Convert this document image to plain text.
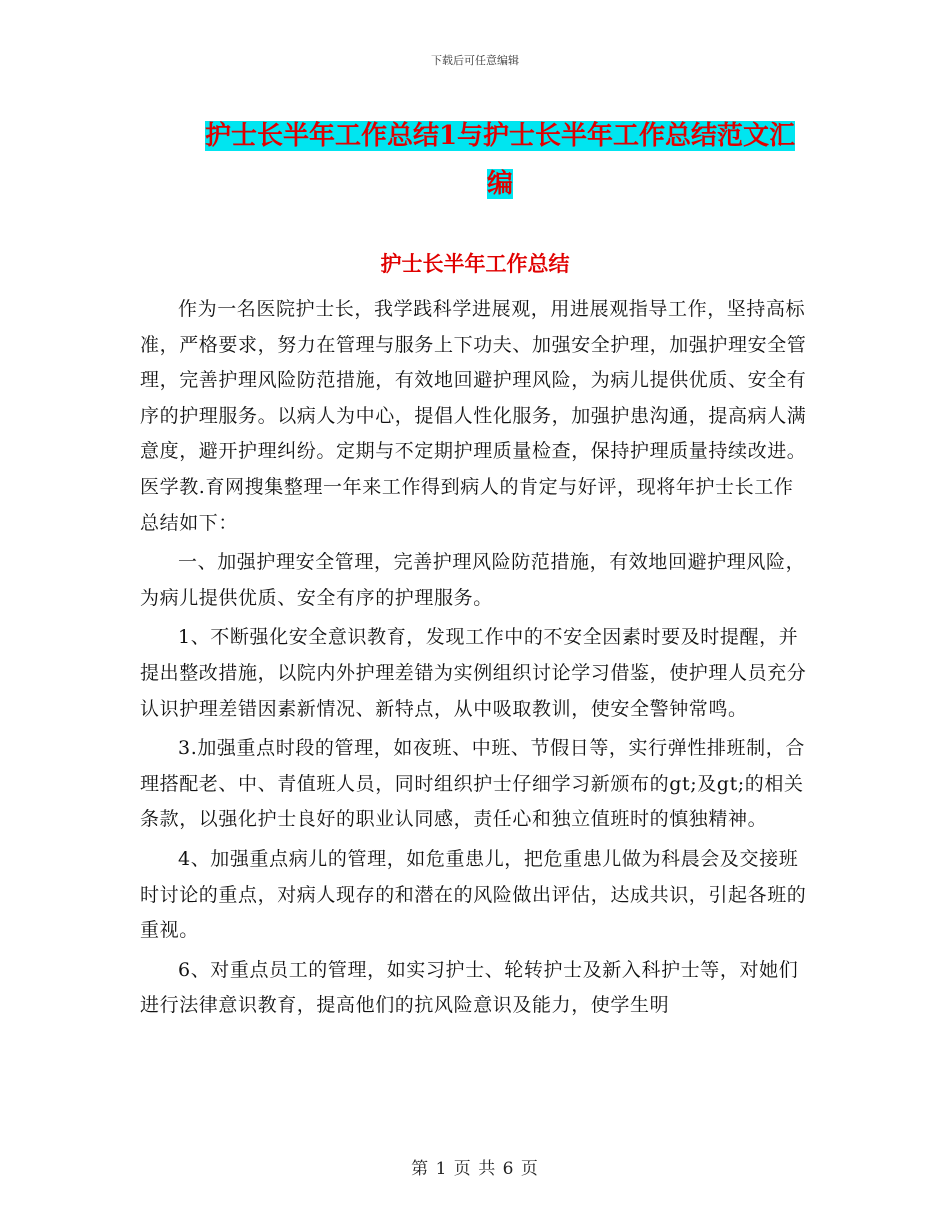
下载后可任意编辑
护士长半年工作总结1与护士长半年工作总结范文汇编
护士长半年工作总结

作为一名医院护士长，我学践科学进展观，用进展观指导工作，坚持高标准，严格要求，努力在管理与服务上下功夫、加强安全护理，加强护理安全管理，完善护理风险防范措施，有效地回避护理风险，为病儿提供优质、安全有序的护理服务。以病人为中心，提倡人性化服务，加强护患沟通，提高病人满意度，避开护理纠纷。定期与不定期护理质量检查，保持护理质量持续改进。医学教.育网搜集整理一年来工作得到病人的肯定与好评，现将年护士长工作总结如下：

一、加强护理安全管理，完善护理风险防范措施，有效地回避护理风险，为病儿提供优质、安全有序的护理服务。

1、不断强化安全意识教育，发现工作中的不安全因素时要及时提醒，并提出整改措施，以院内外护理差错为实例组织讨论学习借鉴，使护理人员充分认识护理差错因素新情况、新特点，从中吸取教训，使安全警钟常鸣。

3.加强重点时段的管理，如夜班、中班、节假日等，实行弹性排班制，合理搭配老、中、青值班人员，同时组织护士仔细学习新颁布的gt;及gt;的相关条款，以强化护士良好的职业认同感，责任心和独立值班时的慎独精神。

4、加强重点病儿的管理，如危重患儿，把危重患儿做为科晨会及交接班时讨论的重点，对病人现存的和潜在的风险做出评估，达成共识，引起各班的重视。

6、对重点员工的管理，如实习护士、轮转护士及新入科护士等，对她们进行法律意识教育，提高他们的抗风险意识及能力，使学生明

第 1 页 共 6 页
